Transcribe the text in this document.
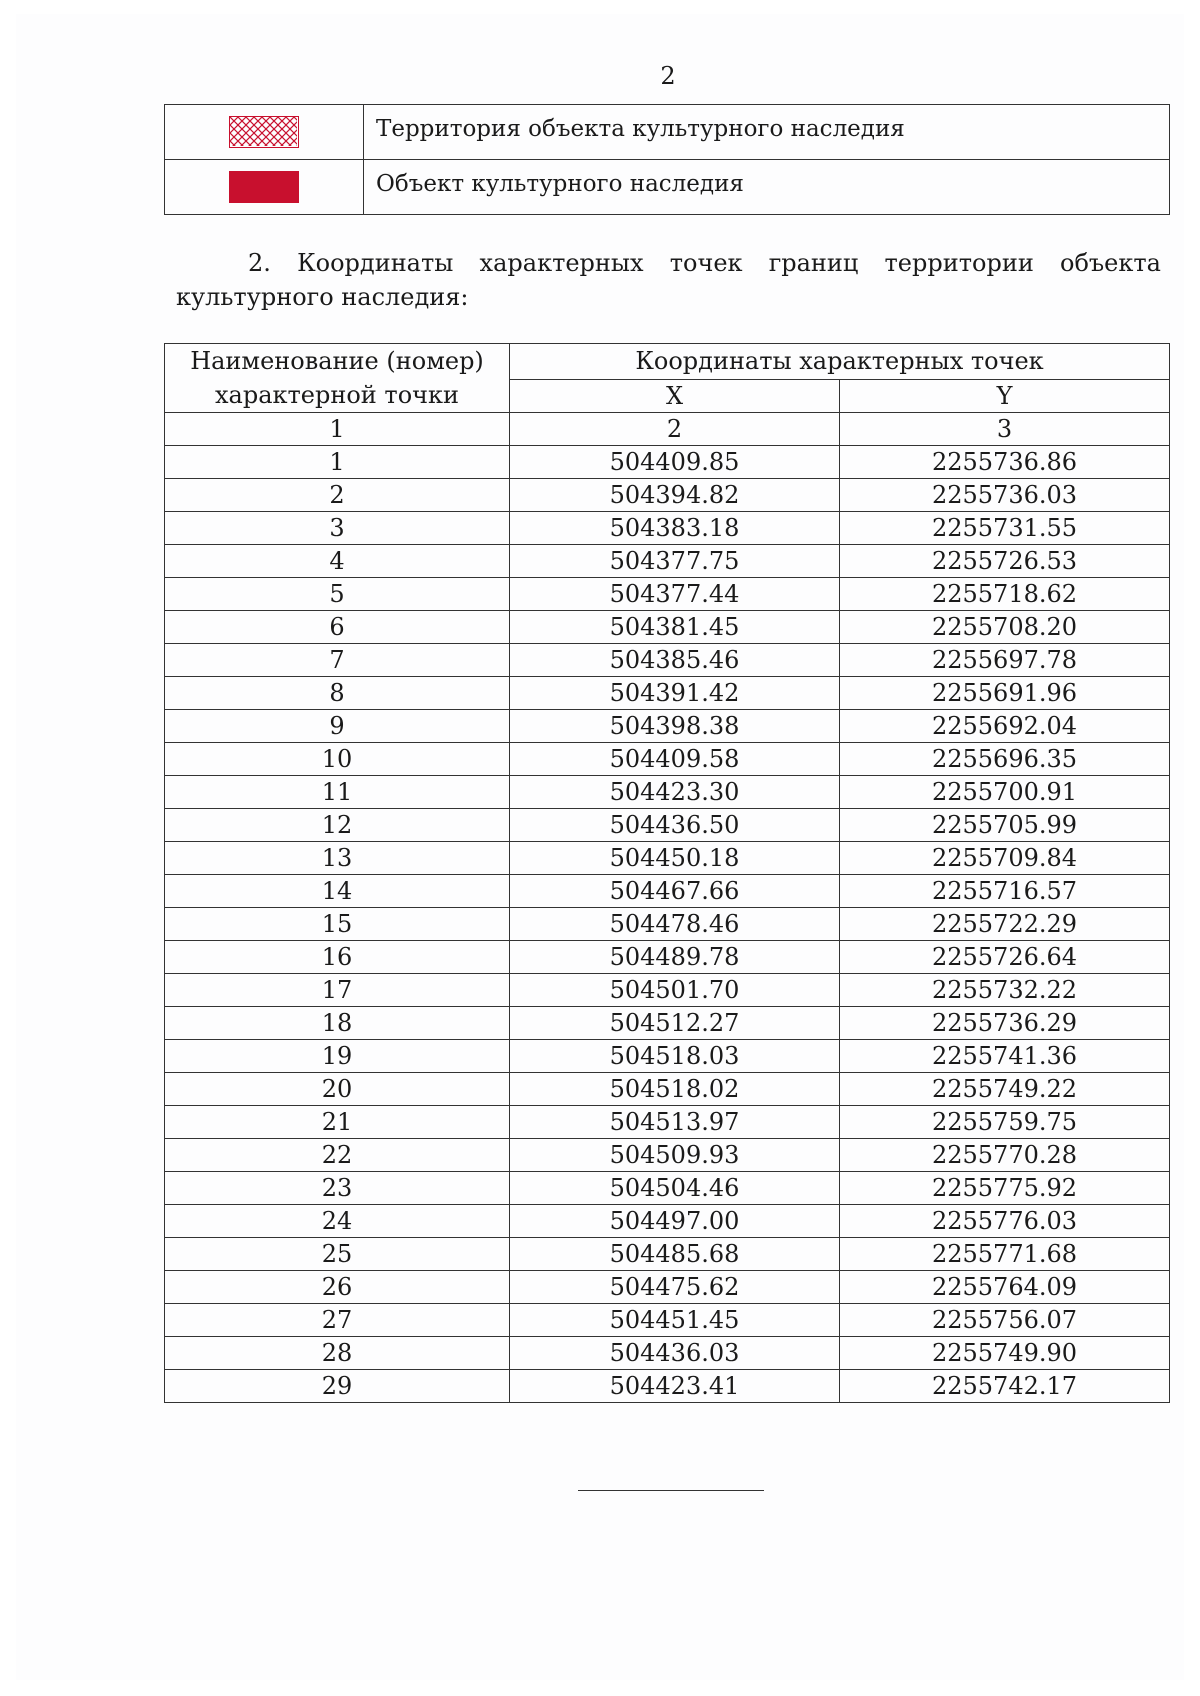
2
	Территория объекта культурного наследия
	Объект культурного наследия
2. Координаты характерных точек границ территории объекта
культурного наследия:
Наименование (номер) характерной точки	Координаты характерных точек	
	X	Y
1	2	3
1	504409.85	2255736.86
2	504394.82	2255736.03
3	504383.18	2255731.55
4	504377.75	2255726.53
5	504377.44	2255718.62
6	504381.45	2255708.20
7	504385.46	2255697.78
8	504391.42	2255691.96
9	504398.38	2255692.04
10	504409.58	2255696.35
11	504423.30	2255700.91
12	504436.50	2255705.99
13	504450.18	2255709.84
14	504467.66	2255716.57
15	504478.46	2255722.29
16	504489.78	2255726.64
17	504501.70	2255732.22
18	504512.27	2255736.29
19	504518.03	2255741.36
20	504518.02	2255749.22
21	504513.97	2255759.75
22	504509.93	2255770.28
23	504504.46	2255775.92
24	504497.00	2255776.03
25	504485.68	2255771.68
26	504475.62	2255764.09
27	504451.45	2255756.07
28	504436.03	2255749.90
29	504423.41	2255742.17
